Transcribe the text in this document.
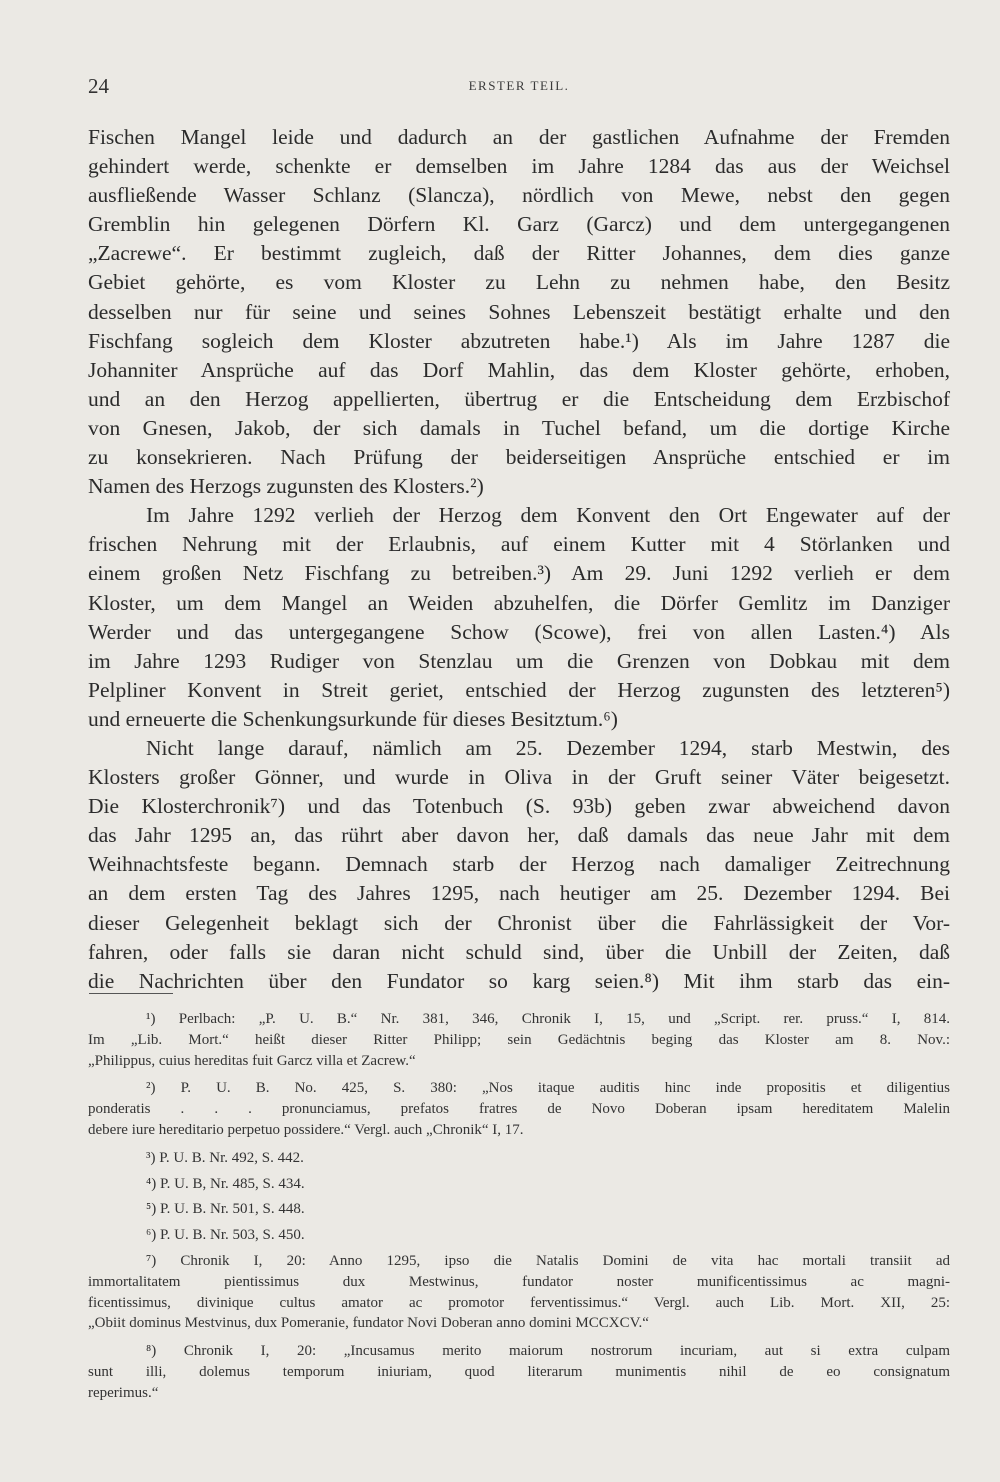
24	ERSTER TEIL.
Fischen Mangel leide und dadurch an der gastlichen Aufnahme der Fremden
gehindert werde, schenkte er demselben im Jahre 1284 das aus der Weichsel
ausfließende Wasser Schlanz (Slancza), nördlich von Mewe, nebst den gegen
Gremblin hin gelegenen Dörfern Kl. Garz (Garcz) und dem untergegangenen
„Zacrewe“. Er bestimmt zugleich, daß der Ritter Johannes, dem dies ganze
Gebiet gehörte, es vom Kloster zu Lehn zu nehmen habe, den Besitz
desselben nur für seine und seines Sohnes Lebenszeit bestätigt erhalte und den
Fischfang sogleich dem Kloster abzutreten habe.¹) Als im Jahre 1287 die
Johanniter Ansprüche auf das Dorf Mahlin, das dem Kloster gehörte, erhoben,
und an den Herzog appellierten, übertrug er die Entscheidung dem Erzbischof
von Gnesen, Jakob, der sich damals in Tuchel befand, um die dortige Kirche
zu konsekrieren. Nach Prüfung der beiderseitigen Ansprüche entschied er im
Namen des Herzogs zugunsten des Klosters.²)
Im Jahre 1292 verlieh der Herzog dem Konvent den Ort Engewater auf der
frischen Nehrung mit der Erlaubnis, auf einem Kutter mit 4 Störlanken und
einem großen Netz Fischfang zu betreiben.³) Am 29. Juni 1292 verlieh er dem
Kloster, um dem Mangel an Weiden abzuhelfen, die Dörfer Gemlitz im Danziger
Werder und das untergegangene Schow (Scowe), frei von allen Lasten.⁴) Als
im Jahre 1293 Rudiger von Stenzlau um die Grenzen von Dobkau mit dem
Pelpliner Konvent in Streit geriet, entschied der Herzog zugunsten des letzteren⁵)
und erneuerte die Schenkungsurkunde für dieses Besitztum.⁶)
Nicht lange darauf, nämlich am 25. Dezember 1294, starb Mestwin, des
Klosters großer Gönner, und wurde in Oliva in der Gruft seiner Väter beigesetzt.
Die Klosterchronik⁷) und das Totenbuch (S. 93b) geben zwar abweichend davon
das Jahr 1295 an, das rührt aber davon her, daß damals das neue Jahr mit dem
Weihnachtsfeste begann. Demnach starb der Herzog nach damaliger Zeitrechnung
an dem ersten Tag des Jahres 1295, nach heutiger am 25. Dezember 1294. Bei
dieser Gelegenheit beklagt sich der Chronist über die Fahrlässigkeit der Vor-
fahren, oder falls sie daran nicht schuld sind, über die Unbill der Zeiten, daß
die Nachrichten über den Fundator so karg seien.⁸) Mit ihm starb das ein-
¹) Perlbach: „P. U. B.“ Nr. 381, 346, Chronik I, 15, und „Script. rer. pruss.“ I, 814.
Im „Lib. Mort.“ heißt dieser Ritter Philipp; sein Gedächtnis beging das Kloster am 8. Nov.:
„Philippus, cuius hereditas fuit Garcz villa et Zacrew.“
²) P. U. B. No. 425, S. 380: „Nos itaque auditis hinc inde propositis et diligentius
ponderatis . . . pronunciamus, prefatos fratres de Novo Doberan ipsam hereditatem Malelin
debere iure hereditario perpetuo possidere.“ Vergl. auch „Chronik“ I, 17.
³) P. U. B. Nr. 492, S. 442.
⁴) P. U. B, Nr. 485, S. 434.
⁵) P. U. B. Nr. 501, S. 448.
⁶) P. U. B. Nr. 503, S. 450.
⁷) Chronik I, 20: Anno 1295, ipso die Natalis Domini de vita hac mortali transiit ad
immortalitatem pientissimus dux Mestwinus, fundator noster munificentissimus ac magni-
ficentissimus, divinique cultus amator ac promotor ferventissimus.“ Vergl. auch Lib. Mort. XII, 25:
„Obiit dominus Mestvinus, dux Pomeranie, fundator Novi Doberan anno domini MCCXCV.“
⁸) Chronik I, 20: „Incusamus merito maiorum nostrorum incuriam, aut si extra culpam
sunt illi, dolemus temporum iniuriam, quod literarum munimentis nihil de eo consignatum
reperimus.“
